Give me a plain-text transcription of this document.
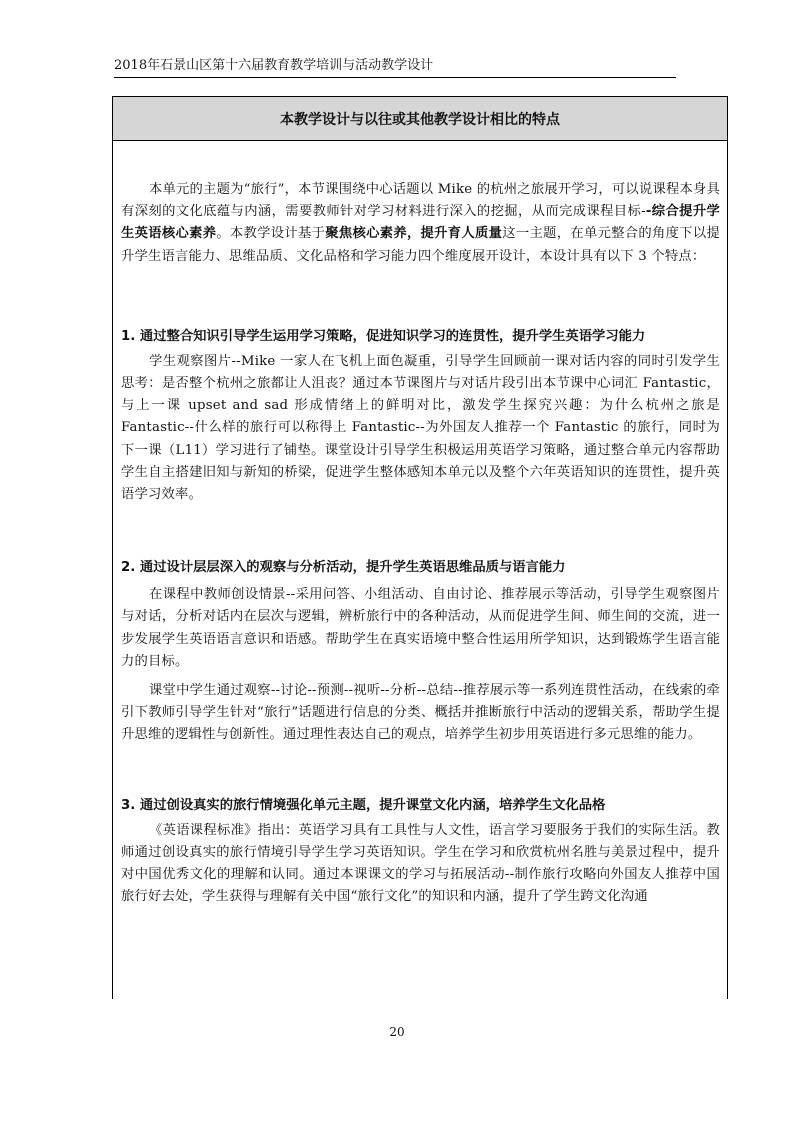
2018年石景山区第十六届教育教学培训与活动教学设计
本教学设计与以往或其他教学设计相比的特点

本单元的主题为“旅行”，本节课围绕中心话题以 Mike 的杭州之旅展开学习，可以说课程本身具有深刻的文化底蕴与内涵，需要教师针对学习材料进行深入的挖掘，从而完成课程目标--综合提升学生英语核心素养。本教学设计基于聚焦核心素养，提升育人质量这一主题，在单元整合的角度下以提升学生语言能力、思维品质、文化品格和学习能力四个维度展开设计，本设计具有以下 3 个特点：

1. 通过整合知识引导学生运用学习策略，促进知识学习的连贯性，提升学生英语学习能力

学生观察图片--Mike 一家人在飞机上面色凝重，引导学生回顾前一课对话内容的同时引发学生思考：是否整个杭州之旅都让人沮丧？通过本节课图片与对话片段引出本节课中心词汇 Fantastic，与上一课 upset and sad 形成情绪上的鲜明对比，激发学生探究兴趣：为什么杭州之旅是 Fantastic--什么样的旅行可以称得上 Fantastic--为外国友人推荐一个 Fantastic 的旅行，同时为下一课（L11）学习进行了铺垫。课堂设计引导学生积极运用英语学习策略，通过整合单元内容帮助学生自主搭建旧知与新知的桥梁，促进学生整体感知本单元以及整个六年英语知识的连贯性，提升英语学习效率。

2. 通过设计层层深入的观察与分析活动，提升学生英语思维品质与语言能力

在课程中教师创设情景--采用问答、小组活动、自由讨论、推荐展示等活动，引导学生观察图片与对话，分析对话内在层次与逻辑，辨析旅行中的各种活动，从而促进学生间、师生间的交流，进一步发展学生英语语言意识和语感。帮助学生在真实语境中整合性运用所学知识，达到锻炼学生语言能力的目标。

课堂中学生通过观察--讨论--预测--视听--分析--总结--推荐展示等一系列连贯性活动，在线索的牵引下教师引导学生针对“旅行”话题进行信息的分类、概括并推断旅行中活动的逻辑关系，帮助学生提升思维的逻辑性与创新性。通过理性表达自己的观点，培养学生初步用英语进行多元思维的能力。

3. 通过创设真实的旅行情境强化单元主题，提升课堂文化内涵，培养学生文化品格

《英语课程标准》指出：英语学习具有工具性与人文性，语言学习要服务于我们的实际生活。教师通过创设真实的旅行情境引导学生学习英语知识。学生在学习和欣赏杭州名胜与美景过程中，提升对中国优秀文化的理解和认同。通过本课课文的学习与拓展活动--制作旅行攻略向外国友人推荐中国旅行好去处，学生获得与理解有关中国“旅行文化”的知识和内涵，提升了学生跨文化沟通

20
